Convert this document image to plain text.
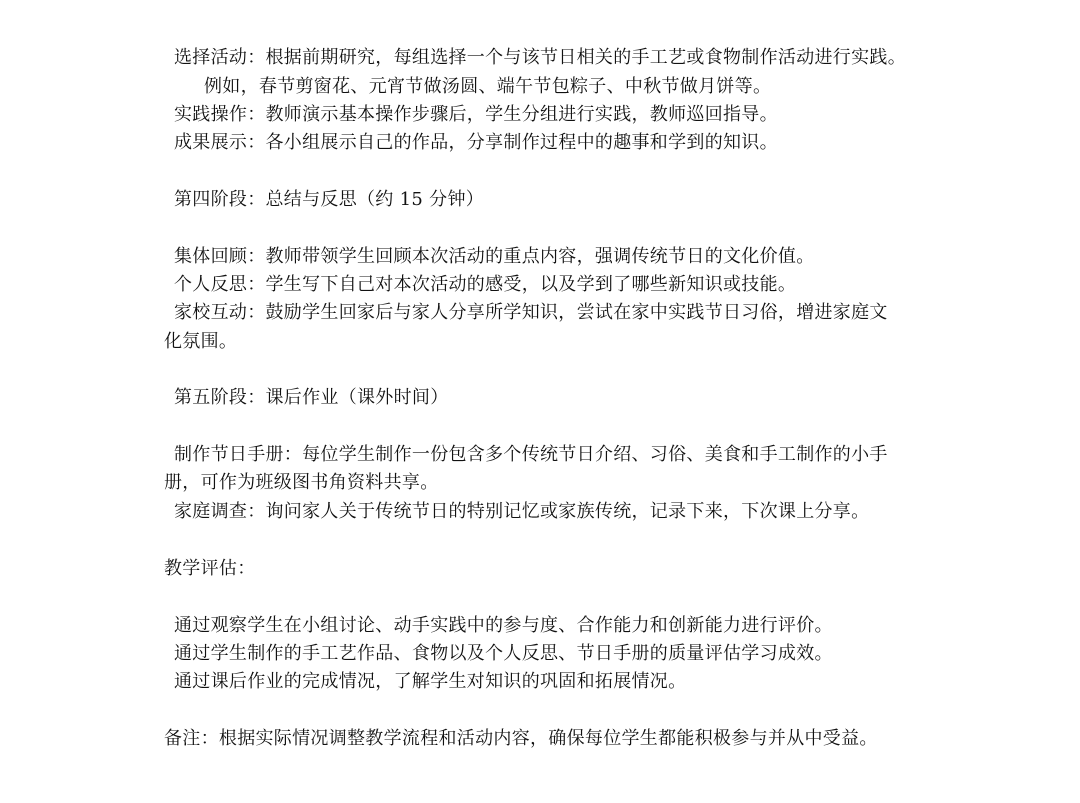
选择活动：根据前期研究，每组选择一个与该节日相关的手工艺或食物制作活动进行实践。
例如，春节剪窗花、元宵节做汤圆、端午节包粽子、中秋节做月饼等。
实践操作：教师演示基本操作步骤后，学生分组进行实践，教师巡回指导。
成果展示：各小组展示自己的作品，分享制作过程中的趣事和学到的知识。
第四阶段：总结与反思（约 15 分钟）
集体回顾：教师带领学生回顾本次活动的重点内容，强调传统节日的文化价值。
个人反思：学生写下自己对本次活动的感受，以及学到了哪些新知识或技能。
家校互动：鼓励学生回家后与家人分享所学知识，尝试在家中实践节日习俗，增进家庭文
化氛围。
第五阶段：课后作业（课外时间）
制作节日手册：每位学生制作一份包含多个传统节日介绍、习俗、美食和手工制作的小手
册，可作为班级图书角资料共享。
家庭调查：询问家人关于传统节日的特别记忆或家族传统，记录下来，下次课上分享。
教学评估：
通过观察学生在小组讨论、动手实践中的参与度、合作能力和创新能力进行评价。
通过学生制作的手工艺作品、食物以及个人反思、节日手册的质量评估学习成效。
通过课后作业的完成情况，了解学生对知识的巩固和拓展情况。
备注：根据实际情况调整教学流程和活动内容，确保每位学生都能积极参与并从中受益。
